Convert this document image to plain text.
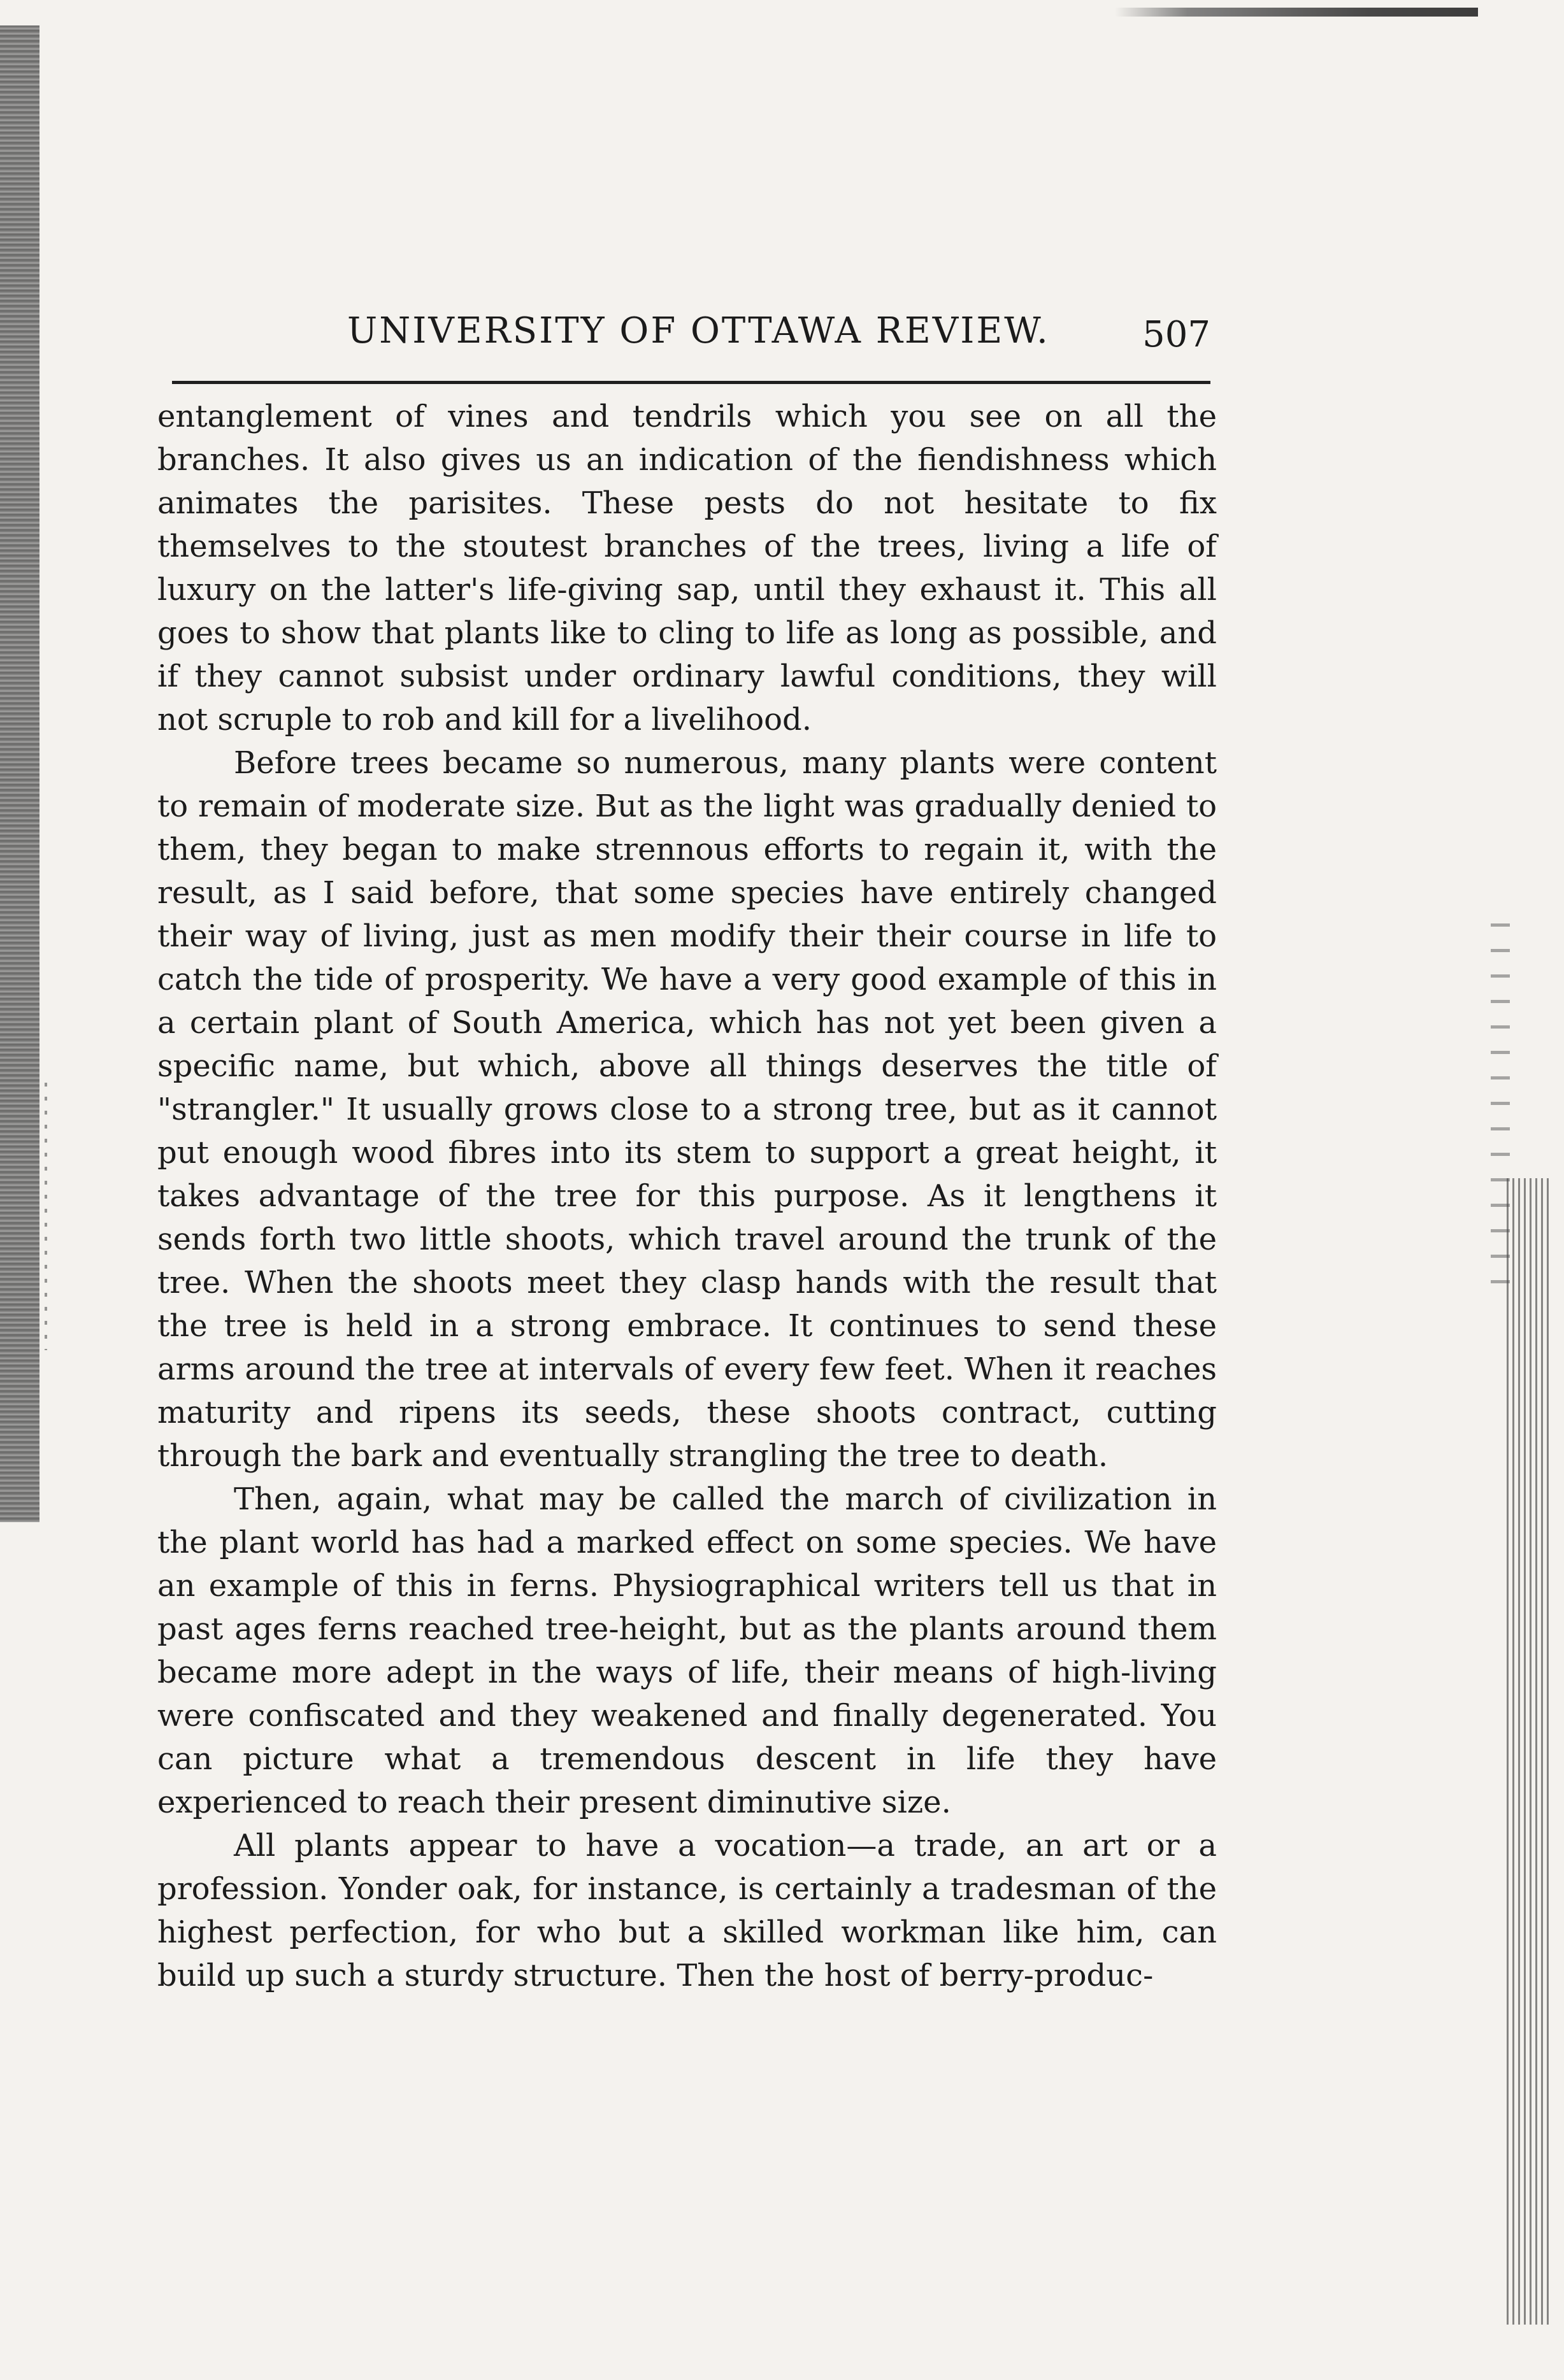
UNIVERSITY OF OTTAWA REVIEW.	507

entanglement of vines and tendrils which you see on all the branches. It also gives us an indication of the fiendishness which animates the parisites. These pests do not hesitate to fix themselves to the stoutest branches of the trees, living a life of luxury on the latter's life-giving sap, until they exhaust it. This all goes to show that plants like to cling to life as long as possible, and if they cannot subsist under ordinary lawful conditions, they will not scruple to rob and kill for a livelihood.

Before trees became so numerous, many plants were content to remain of moderate size. But as the light was gradually denied to them, they began to make strennous efforts to regain it, with the result, as I said before, that some species have entirely changed their way of living, just as men modify their their course in life to catch the tide of prosperity. We have a very good example of this in a certain plant of South America, which has not yet been given a specific name, but which, above all things deserves the title of "strangler." It usually grows close to a strong tree, but as it cannot put enough wood fibres into its stem to support a great height, it takes advantage of the tree for this purpose. As it lengthens it sends forth two little shoots, which travel around the trunk of the tree. When the shoots meet they clasp hands with the result that the tree is held in a strong embrace. It continues to send these arms around the tree at intervals of every few feet. When it reaches maturity and ripens its seeds, these shoots contract, cutting through the bark and eventually strangling the tree to death.

Then, again, what may be called the march of civilization in the plant world has had a marked effect on some species. We have an example of this in ferns. Physiographical writers tell us that in past ages ferns reached tree-height, but as the plants around them became more adept in the ways of life, their means of high-living were confiscated and they weakened and finally degenerated. You can picture what a tremendous descent in life they have experienced to reach their present diminutive size.

All plants appear to have a vocation—a trade, an art or a profession. Yonder oak, for instance, is certainly a tradesman of the highest perfection, for who but a skilled workman like him, can build up such a sturdy structure. Then the host of berry-produc-
